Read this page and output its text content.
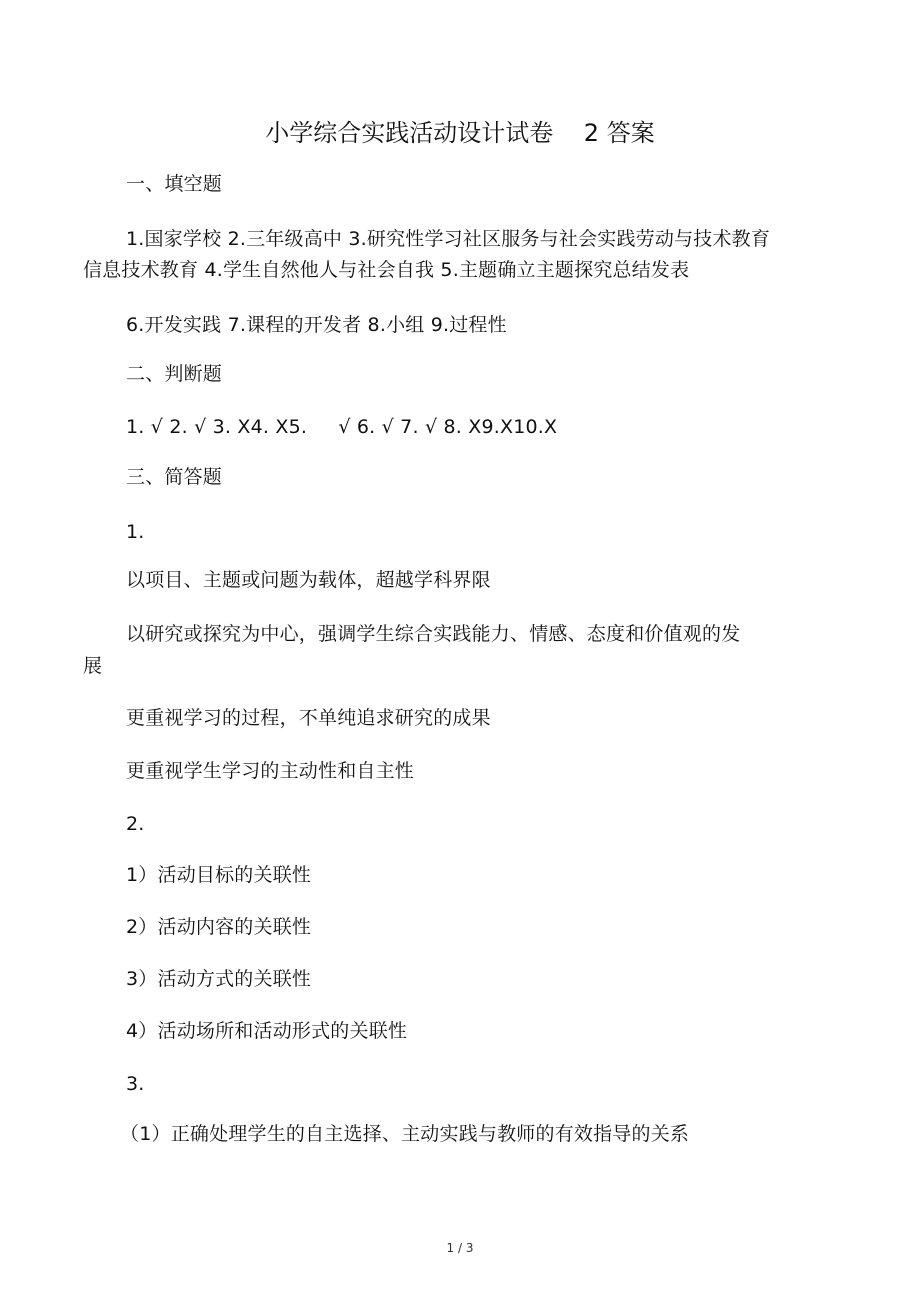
小学综合实践活动设计试卷    2 答案
一、填空题
1.国家学校 2.三年级高中 3.研究性学习社区服务与社会实践劳动与技术教育
信息技术教育 4.学生自然他人与社会自我 5.主题确立主题探究总结发表
6.开发实践 7.课程的开发者 8.小组 9.过程性
二、判断题
1. √ 2. √ 3. X4. X5.     √ 6. √ 7. √ 8. X9.X10.X
三、简答题
1.
以项目、主题或问题为载体，超越学科界限
以研究或探究为中心，强调学生综合实践能力、情感、态度和价值观的发
展
更重视学习的过程，不单纯追求研究的成果
更重视学生学习的主动性和自主性
2.
1）活动目标的关联性
2）活动内容的关联性
3）活动方式的关联性
4）活动场所和活动形式的关联性
3.
（1）正确处理学生的自主选择、主动实践与教师的有效指导的关系
1 / 3
